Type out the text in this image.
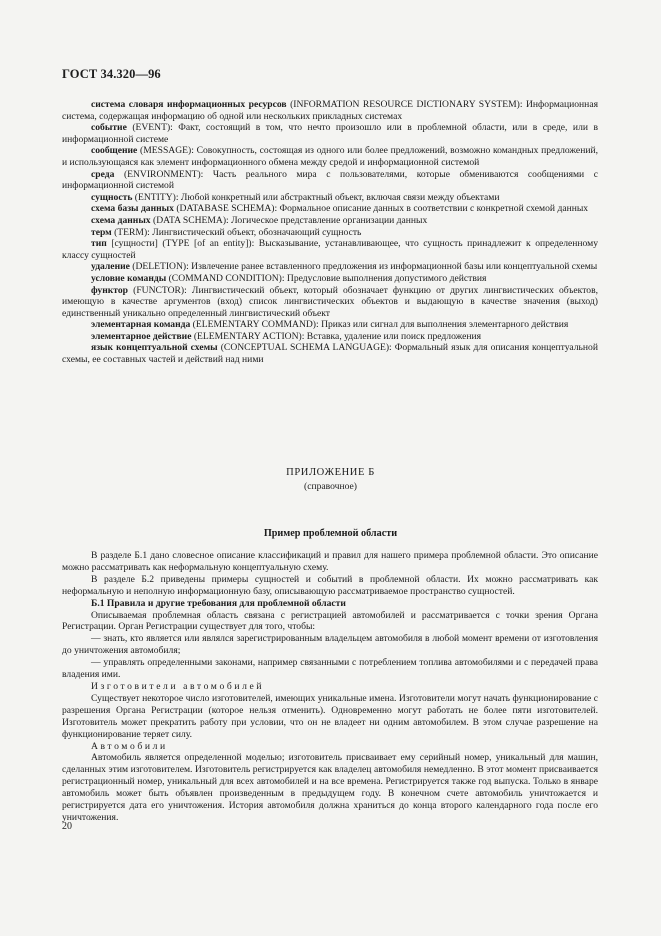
ГОСТ 34.320—96

система словаря информационных ресурсов (INFORMATION RESOURCE DICTIONARY SYSTEM): Информационная система, содержащая информацию об одной или нескольких прикладных системах

событие (EVENT): Факт, состоящий в том, что нечто произошло или в проблемной области, или в среде, или в информационной системе

сообщение (MESSAGE): Совокупность, состоящая из одного или более предложений, возможно командных предложений, и использующаяся как элемент информационного обмена между средой и информационной системой

среда (ENVIRONMENT): Часть реального мира с пользователями, которые обмениваются сообщениями с информационной системой

сущность (ENTITY): Любой конкретный или абстрактный объект, включая связи между объектами

схема базы данных (DATABASE SCHEMA): Формальное описание данных в соответствии с конкретной схемой данных

схема данных (DATA SCHEMA): Логическое представление организации данных

терм (TERM): Лингвистический объект, обозначающий сущность

тип [сущности] (TYPE [of an entity]): Высказывание, устанавливающее, что сущность принадлежит к определенному классу сущностей

удаление (DELETION): Извлечение ранее вставленного предложения из информационной базы или концептуальной схемы

условие команды (COMMAND CONDITION): Предусловие выполнения допустимого действия

функтор (FUNCTOR): Лингвистический объект, который обозначает функцию от других лингвистических объектов, имеющую в качестве аргументов (вход) список лингвистических объектов и выдающую в качестве значения (выход) единственный уникально определенный лингвистический объект

элементарная команда (ELEMENTARY COMMAND): Приказ или сигнал для выполнения элементарного действия

элементарное действие (ELEMENTARY ACTION): Вставка, удаление или поиск предложения

язык концептуальной схемы (CONCEPTUAL SCHEMA LANGUAGE): Формальный язык для описания концептуальной схемы, ее составных частей и действий над ними

ПРИЛОЖЕНИЕ Б
(справочное)
Пример проблемной области

В разделе Б.1 дано словесное описание классификаций и правил для нашего примера проблемной области. Это описание можно рассматривать как неформальную концептуальную схему.

В разделе Б.2 приведены примеры сущностей и событий в проблемной области. Их можно рассматривать как неформальную и неполную информационную базу, описывающую рассматриваемое пространство сущностей.

Б.1 Правила и другие требования для проблемной области

Описываемая проблемная область связана с регистрацией автомобилей и рассматривается с точки зрения Органа Регистрации. Орган Регистрации существует для того, чтобы:

— знать, кто является или являлся зарегистрированным владельцем автомобиля в любой момент времени от изготовления до уничтожения автомобиля;

— управлять определенными законами, например связанными с потреблением топлива автомобилями и с передачей права владения ими.

Изготовители автомобилей

Существует некоторое число изготовителей, имеющих уникальные имена. Изготовители могут начать функционирование с разрешения Органа Регистрации (которое нельзя отменить). Одновременно могут работать не более пяти изготовителей. Изготовитель может прекратить работу при условии, что он не владеет ни одним автомобилем. В этом случае разрешение на функционирование теряет силу.

Автомобили

Автомобиль является определенной моделью; изготовитель присваивает ему серийный номер, уникальный для машин, сделанных этим изготовителем. Изготовитель регистрируется как владелец автомобиля немедленно. В этот момент присваивается регистрационный номер, уникальный для всех автомобилей и на все времена. Регистрируется также год выпуска. Только в январе автомобиль может быть объявлен произведенным в предыдущем году. В конечном счете автомобиль уничтожается и регистрируется дата его уничтожения. История автомобиля должна храниться до конца второго календарного года после его уничтожения.

20
